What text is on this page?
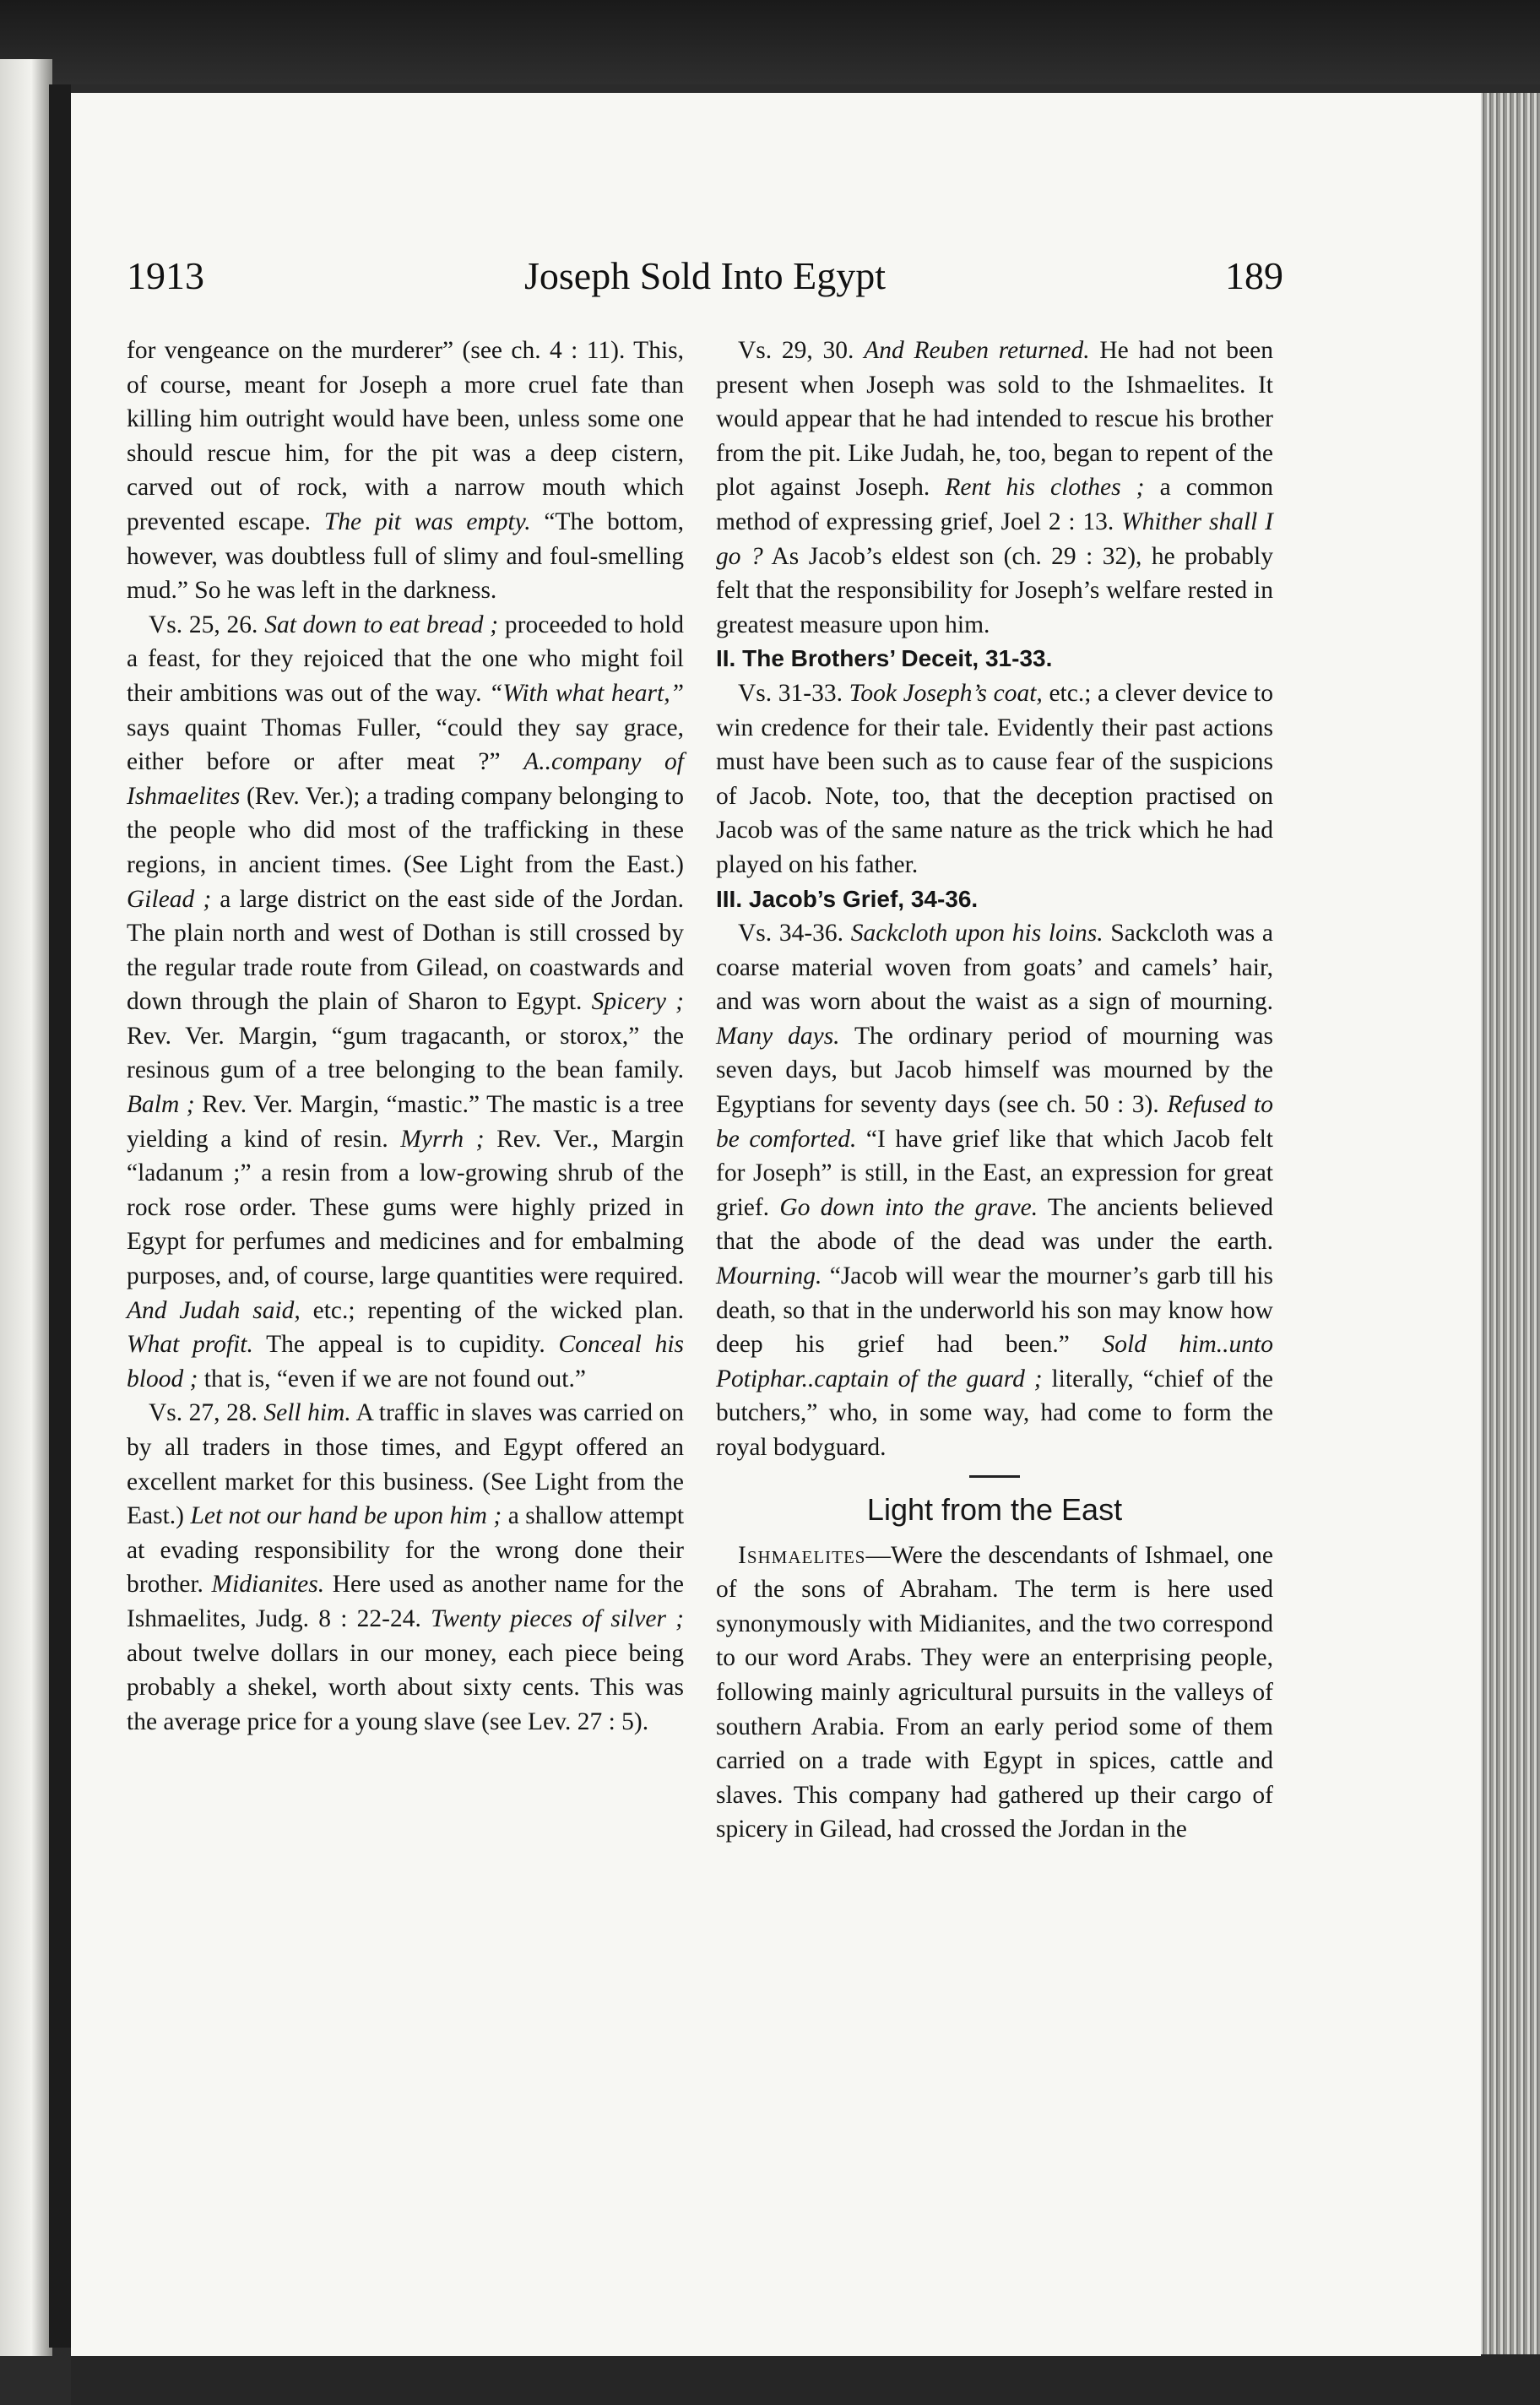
1913	Joseph Sold Into Egypt	189

for vengeance on the murderer” (see ch. 4 : 11). This, of course, meant for Joseph a more cruel fate than killing him outright would have been, unless some one should rescue him, for the pit was a deep cistern, carved out of rock, with a narrow mouth which prevented escape. The pit was empty. “The bottom, however, was doubtless full of slimy and foul-smelling mud.” So he was left in the darkness.

Vs. 25, 26. Sat down to eat bread ; proceeded to hold a feast, for they rejoiced that the one who might foil their ambitions was out of the way. “With what heart,” says quaint Thomas Fuller, “could they say grace, either before or after meat ?” A..company of Ishmaelites (Rev. Ver.); a trading company belonging to the people who did most of the trafficking in these regions, in ancient times. (See Light from the East.) Gilead ; a large district on the east side of the Jordan. The plain north and west of Dothan is still crossed by the regular trade route from Gilead, on coastwards and down through the plain of Sharon to Egypt. Spicery ; Rev. Ver. Margin, “gum tragacanth, or storox,” the resinous gum of a tree belonging to the bean family. Balm ; Rev. Ver. Margin, “mastic.” The mastic is a tree yielding a kind of resin. Myrrh ; Rev. Ver., Margin “ladanum ;” a resin from a low-growing shrub of the rock rose order. These gums were highly prized in Egypt for perfumes and medicines and for embalming purposes, and, of course, large quantities were required. And Judah said, etc.; repenting of the wicked plan. What profit. The appeal is to cupidity. Conceal his blood ; that is, “even if we are not found out.”

Vs. 27, 28. Sell him. A traffic in slaves was carried on by all traders in those times, and Egypt offered an excellent market for this business. (See Light from the East.) Let not our hand be upon him ; a shallow attempt at evading responsibility for the wrong done their brother. Midianites. Here used as another name for the Ishmaelites, Judg. 8 : 22-24. Twenty pieces of silver ; about twelve dollars in our money, each piece being probably a shekel, worth about sixty cents. This was the average price for a young slave (see Lev. 27 : 5).

Vs. 29, 30. And Reuben returned. He had not been present when Joseph was sold to the Ishmaelites. It would appear that he had intended to rescue his brother from the pit. Like Judah, he, too, began to repent of the plot against Joseph. Rent his clothes ; a common method of expressing grief, Joel 2 : 13. Whither shall I go ? As Jacob’s eldest son (ch. 29 : 32), he probably felt that the responsibility for Joseph’s welfare rested in greatest measure upon him.

II. The Brothers’ Deceit, 31-33.

Vs. 31-33. Took Joseph’s coat, etc.; a clever device to win credence for their tale. Evidently their past actions must have been such as to cause fear of the suspicions of Jacob. Note, too, that the deception practised on Jacob was of the same nature as the trick which he had played on his father.

III. Jacob’s Grief, 34-36.

Vs. 34-36. Sackcloth upon his loins. Sackcloth was a coarse material woven from goats’ and camels’ hair, and was worn about the waist as a sign of mourning. Many days. The ordinary period of mourning was seven days, but Jacob himself was mourned by the Egyptians for seventy days (see ch. 50 : 3). Refused to be comforted. “I have grief like that which Jacob felt for Joseph” is still, in the East, an expression for great grief. Go down into the grave. The ancients believed that the abode of the dead was under the earth. Mourning. “Jacob will wear the mourner’s garb till his death, so that in the underworld his son may know how deep his grief had been.” Sold him..unto Potiphar..captain of the guard ; literally, “chief of the butchers,” who, in some way, had come to form the royal bodyguard.

Light from the East

Ishmaelites—Were the descendants of Ishmael, one of the sons of Abraham. The term is here used synonymously with Midianites, and the two correspond to our word Arabs. They were an enterprising people, following mainly agricultural pursuits in the valleys of southern Arabia. From an early period some of them carried on a trade with Egypt in spices, cattle and slaves. This company had gathered up their cargo of spicery in Gilead, had crossed the Jordan in the
